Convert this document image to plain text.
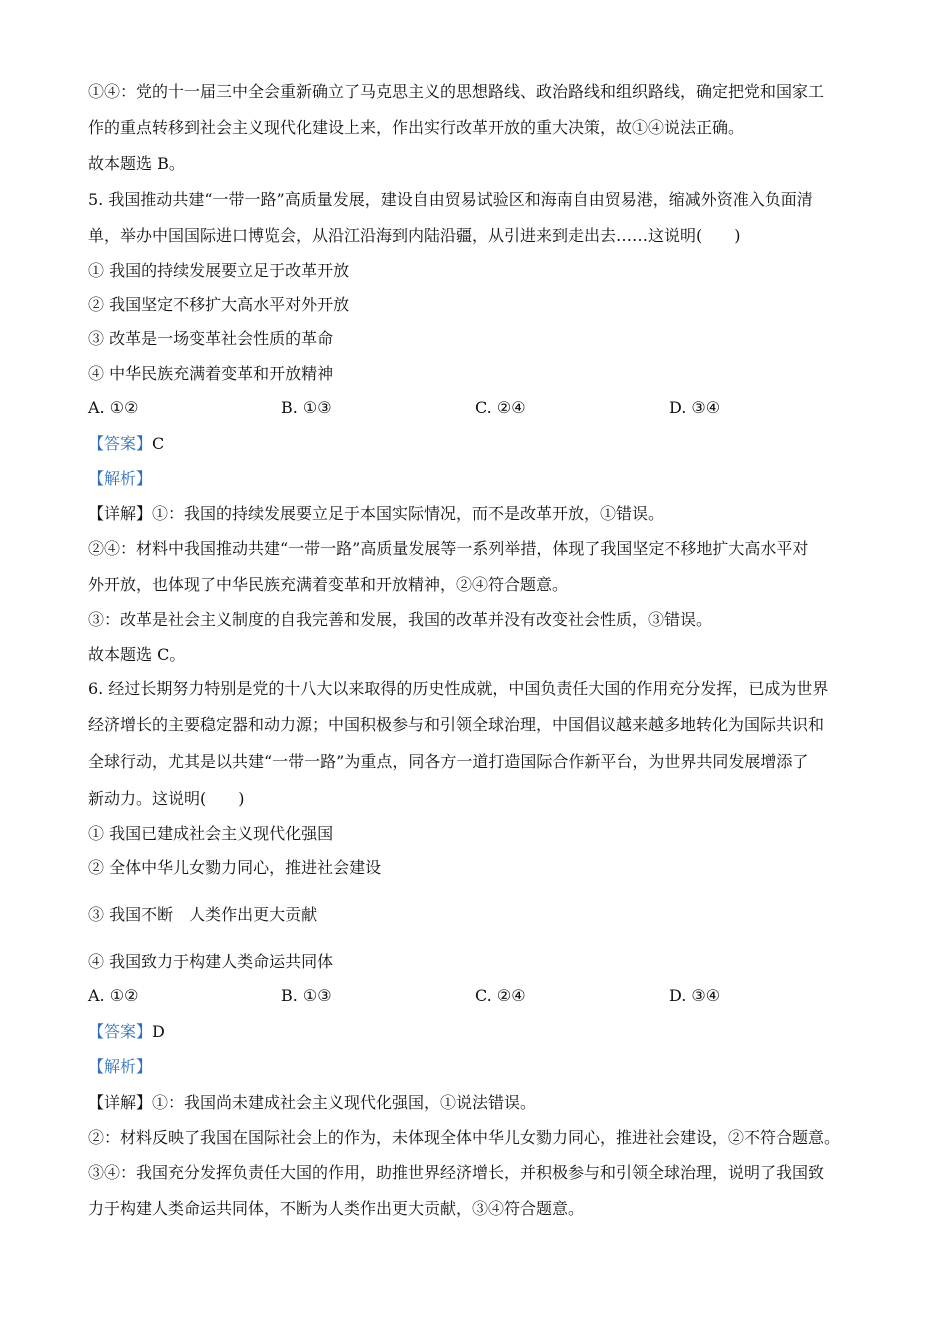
①④：党的十一届三中全会重新确立了马克思主义的思想路线、政治路线和组织路线，确定把党和国家工
作的重点转移到社会主义现代化建设上来，作出实行改革开放的重大决策，故①④说法正确。
故本题选 B。
5. 我国推动共建“一带一路”高质量发展，建设自由贸易试验区和海南自由贸易港，缩减外资准入负面清
单，举办中国国际进口博览会，从沿江沿海到内陆沿疆，从引进来到走出去……这说明(　　)
① 我国的持续发展要立足于改革开放
② 我国坚定不移扩大高水平对外开放
③ 改革是一场变革社会性质的革命
④ 中华民族充满着变革和开放精神
A. ①②	B. ①③	C. ②④	D. ③④
【答案】C
【解析】
【详解】①：我国的持续发展要立足于本国实际情况，而不是改革开放，①错误。
②④：材料中我国推动共建“一带一路”高质量发展等一系列举措，体现了我国坚定不移地扩大高水平对
外开放，也体现了中华民族充满着变革和开放精神，②④符合题意。
③：改革是社会主义制度的自我完善和发展，我国的改革并没有改变社会性质，③错误。
故本题选 C。
6. 经过长期努力特别是党的十八大以来取得的历史性成就，中国负责任大国的作用充分发挥，已成为世界
经济增长的主要稳定器和动力源；中国积极参与和引领全球治理，中国倡议越来越多地转化为国际共识和
全球行动，尤其是以共建“一带一路”为重点，同各方一道打造国际合作新平台，为世界共同发展增添了
新动力。这说明(　　)
① 我国已建成社会主义现代化强国
② 全体中华儿女勠力同心，推进社会建设
③ 我国不断　人类作出更大贡献
④ 我国致力于构建人类命运共同体
A. ①②	B. ①③	C. ②④	D. ③④
【答案】D
【解析】
【详解】①：我国尚未建成社会主义现代化强国，①说法错误。
②：材料反映了我国在国际社会上的作为，未体现全体中华儿女勠力同心，推进社会建设，②不符合题意。
③④：我国充分发挥负责任大国的作用，助推世界经济增长，并积极参与和引领全球治理，说明了我国致
力于构建人类命运共同体，不断为人类作出更大贡献，③④符合题意。
